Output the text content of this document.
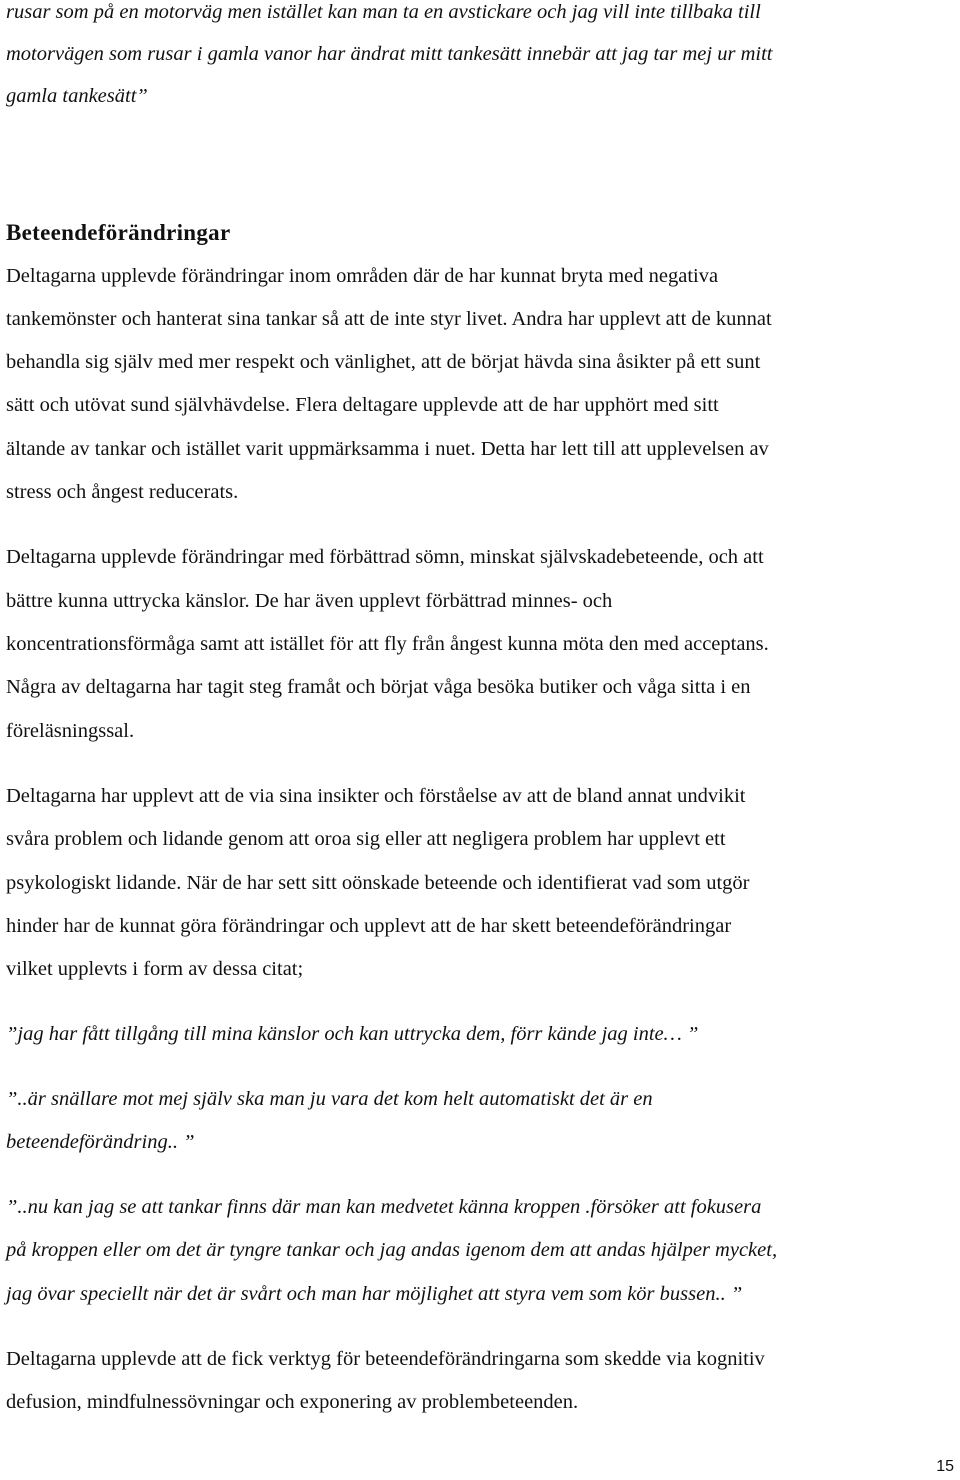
rusar som på en motorväg men istället kan man ta en avstickare och jag vill inte tillbaka till
motorvägen som rusar i gamla vanor har ändrat mitt tankesätt innebär att jag tar mej ur mitt
gamla tankesätt”
Beteendeförändringar
Deltagarna upplevde förändringar inom områden där de har kunnat bryta med negativa
tankemönster och hanterat sina tankar så att de inte styr livet. Andra har upplevt att de kunnat
behandla sig själv med mer respekt och vänlighet, att de börjat hävda sina åsikter på ett sunt
sätt och utövat sund självhävdelse. Flera deltagare upplevde att de har upphört med sitt
ältande av tankar och istället varit uppmärksamma i nuet. Detta har lett till att upplevelsen av
stress och ångest reducerats.
Deltagarna upplevde förändringar med förbättrad sömn, minskat självskadebeteende, och att
bättre kunna uttrycka känslor. De har även upplevt förbättrad minnes- och
koncentrationsförmåga samt att istället för att fly från ångest kunna möta den med acceptans.
Några av deltagarna har tagit steg framåt och börjat våga besöka butiker och våga sitta i en
föreläsningssal.
Deltagarna har upplevt att de via sina insikter och förståelse av att de bland annat undvikit
svåra problem och lidande genom att oroa sig eller att negligera problem har upplevt ett
psykologiskt lidande. När de har sett sitt oönskade beteende och identifierat vad som utgör
hinder har de kunnat göra förändringar och upplevt att de har skett beteendeförändringar
vilket upplevts i form av dessa citat;
”jag har fått tillgång till mina känslor och kan uttrycka dem, förr kände jag inte… ”
”..är snällare mot mej själv ska man ju vara det kom helt automatiskt det är en
beteendeförändring.. ”
”..nu kan jag se att tankar finns där man kan medvetet känna kroppen .försöker att fokusera
på kroppen eller om det är tyngre tankar och jag andas igenom dem att andas hjälper mycket,
jag övar speciellt när det är svårt och man har möjlighet att styra vem som kör bussen.. ”
Deltagarna upplevde att de fick verktyg för beteendeförändringarna som skedde via kognitiv
defusion, mindfulnessövningar och exponering av problembeteenden.
15
